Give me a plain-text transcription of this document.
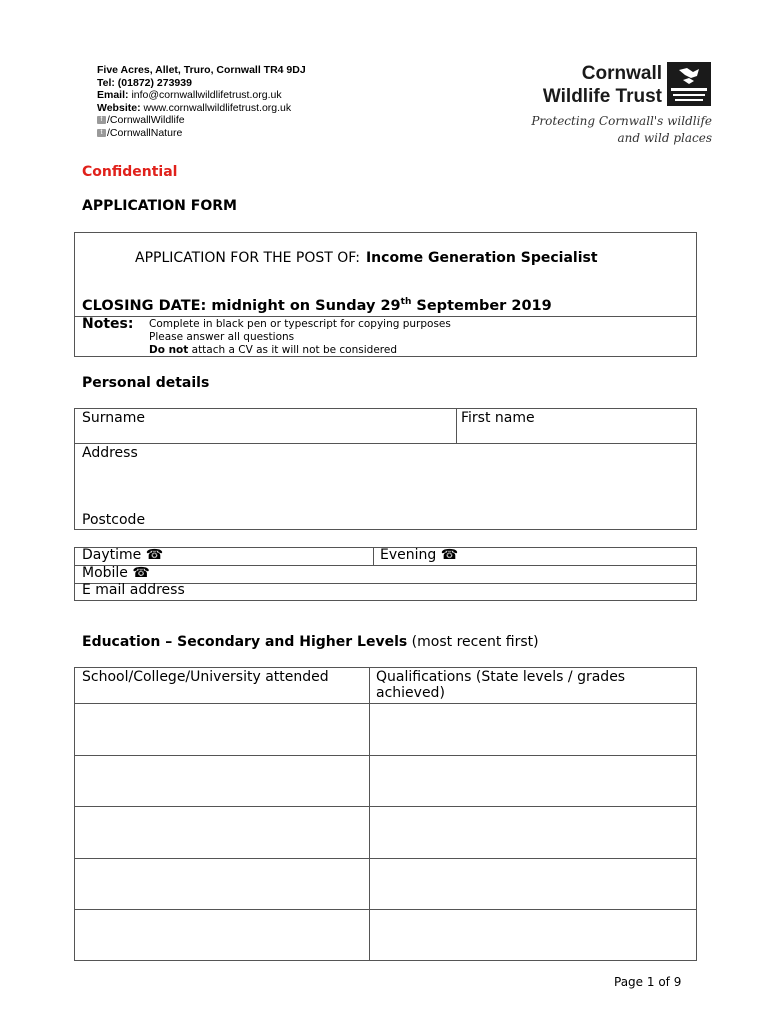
Five Acres, Allet, Truro, Cornwall TR4 9DJ
Tel: (01872) 273939
Email: info@cornwallwildlifetrust.org.uk
Website: www.cornwallwildlifetrust.org.uk
f /CornwallWildlife
t /CornwallNature
Cornwall
Wildlife Trust
Protecting Cornwall's wildlife
and wild places
Confidential
APPLICATION FORM
APPLICATION FOR THE POST OF: Income Generation Specialist
CLOSING DATE: midnight on Sunday 29th September 2019
Notes: Complete in black pen or typescript for copying purposes
Please answer all questions
Do not attach a CV as it will not be considered
Personal details
Surname	First name
Address
Postcode
Daytime ☎	Evening ☎
Mobile ☎
E mail address
Education – Secondary and Higher Levels (most recent first)
School/College/University attended	Qualifications (State levels / grades achieved)
Page 1 of 9
